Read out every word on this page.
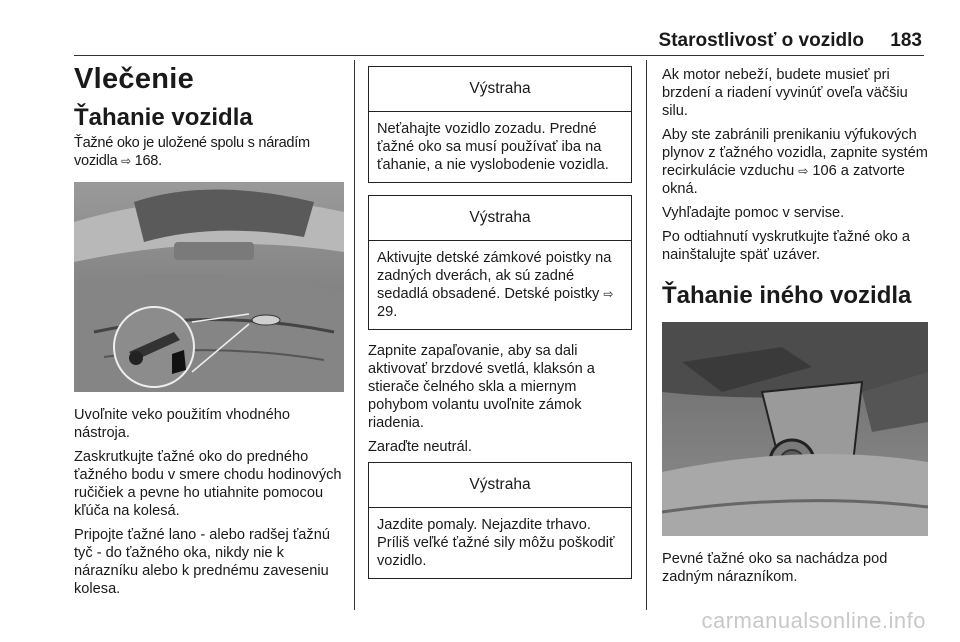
Starostlivosť o vozidlo 183
Vlečenie
Ťahanie vozidla

Ťažné oko je uložené spolu s náradím vozidla ⇨ 168.

Uvoľnite veko použitím vhodného nástroja.

Zaskrutkujte ťažné oko do predného ťažného bodu v smere chodu hodinových ručičiek a pevne ho utiahnite pomocou kľúča na kolesá.

Pripojte ťažné lano - alebo radšej ťažnú tyč - do ťažného oka, nikdy nie k nárazníku alebo k prednému zaveseniu kolesa.

Výstraha

Neťahajte vozidlo zozadu. Predné ťažné oko sa musí používať iba na ťahanie, a nie vyslobodenie vozidla.

Výstraha

Aktivujte detské zámkové poistky na zadných dverách, ak sú zadné sedadlá obsadené. Detské poistky ⇨ 29.

Zapnite zapaľovanie, aby sa dali aktivovať brzdové svetlá, klaksón a stierače čelného skla a miernym pohybom volantu uvoľnite zámok riadenia.

Zaraďte neutrál.

Výstraha

Jazdite pomaly. Nejazdite trhavo. Príliš veľké ťažné sily môžu poškodiť vozidlo.

Ak motor nebeží, budete musieť pri brzdení a riadení vyvinúť oveľa väčšiu silu.

Aby ste zabránili prenikaniu výfukových plynov z ťažného vozidla, zapnite systém recirkulácie vzduchu ⇨ 106 a zatvorte okná.

Vyhľadajte pomoc v servise.

Po odtiahnutí vyskrutkujte ťažné oko a nainštalujte späť uzáver.

Ťahanie iného vozidla

Pevné ťažné oko sa nachádza pod zadným nárazníkom.

carmanualsonline.info
